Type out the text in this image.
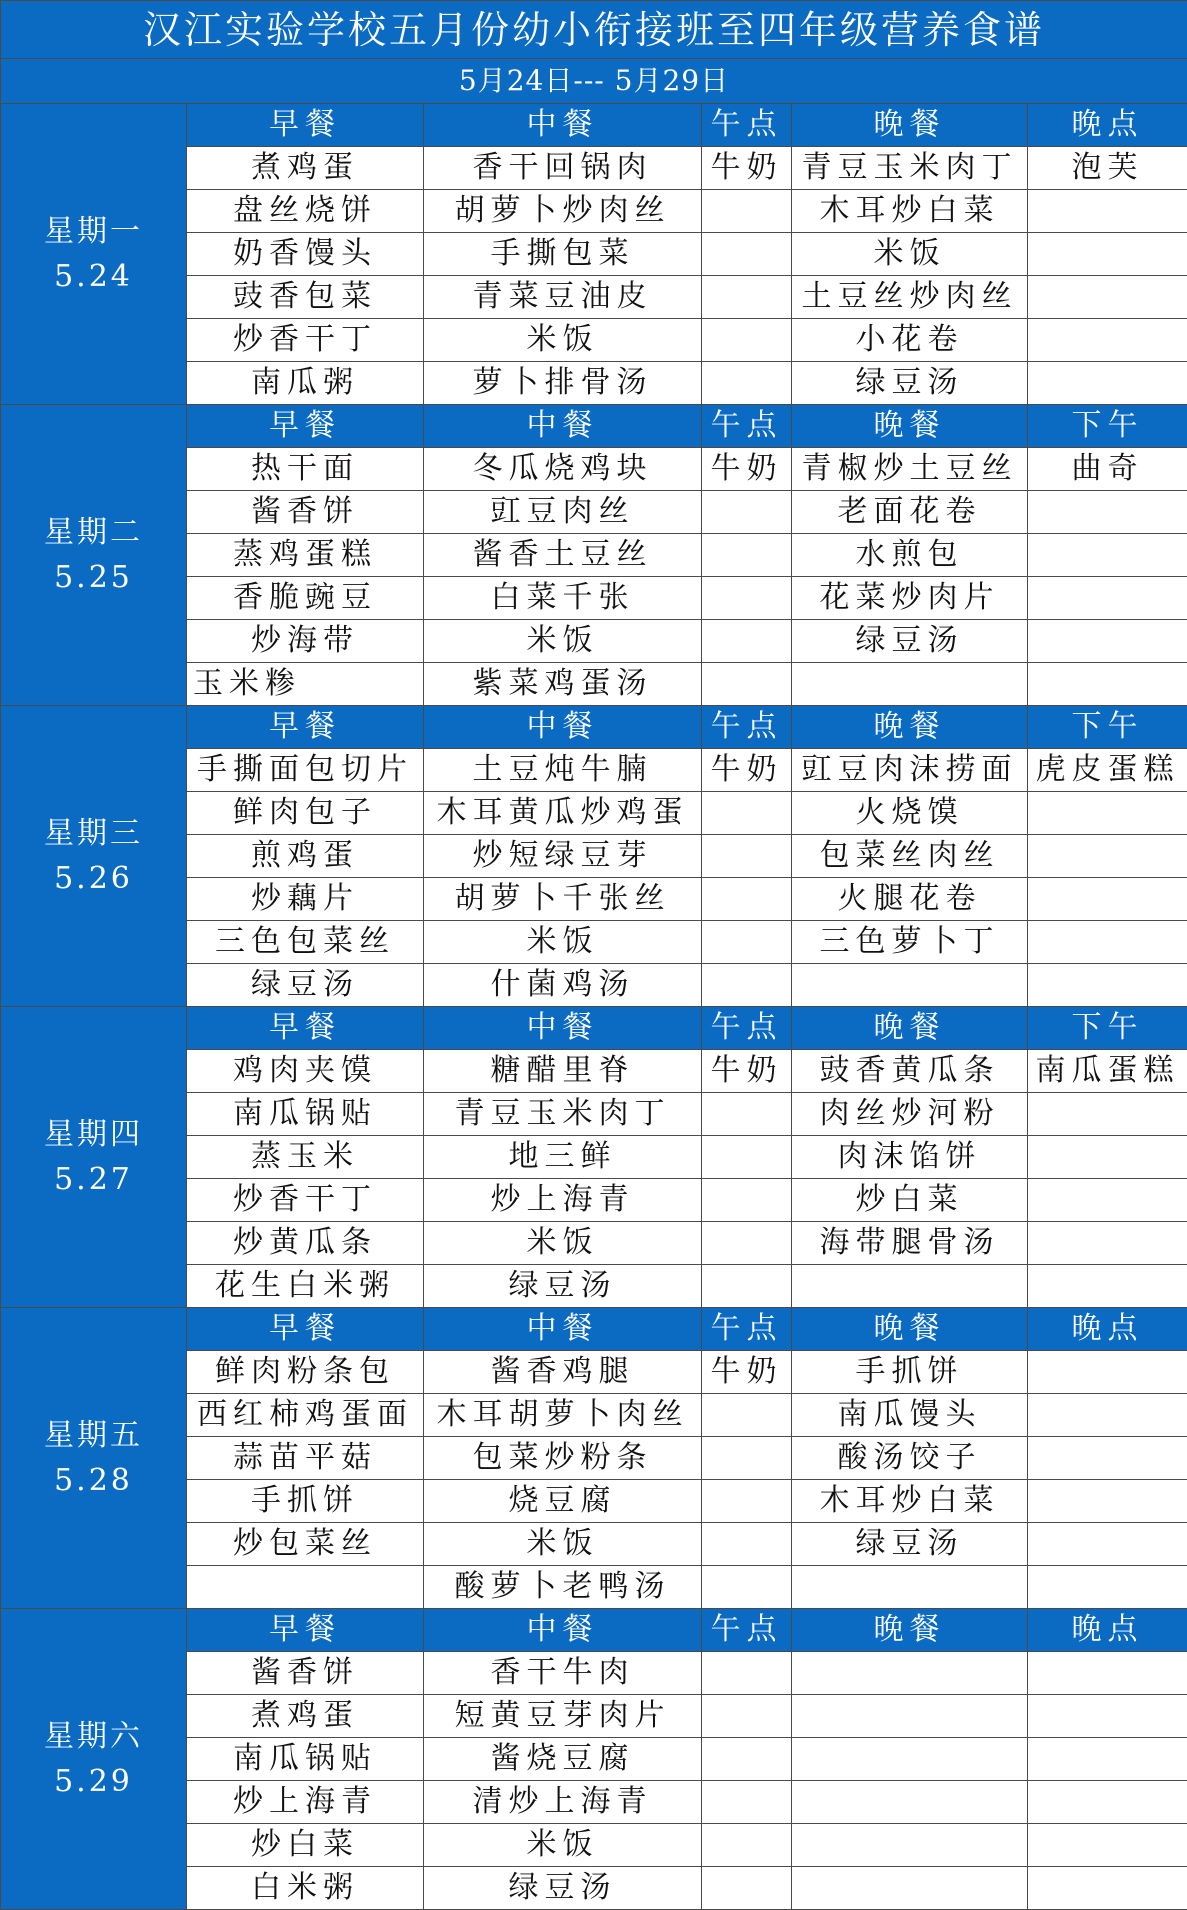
汉江实验学校五月份幼小衔接班至四年级营养食谱					
5月24日--- 5月29日					

星期一
5.24	早餐	中餐	午点	晚餐	晚点
	煮鸡蛋	香干回锅肉	牛奶	青豆玉米肉丁	泡芙
	盘丝烧饼	胡萝卜炒肉丝		木耳炒白菜	
	奶香馒头	手撕包菜		米饭	
	豉香包菜	青菜豆油皮		土豆丝炒肉丝	
	炒香干丁	米饭		小花卷	
	南瓜粥	萝卜排骨汤		绿豆汤	

星期二
5.25	早餐	中餐	午点	晚餐	下午
	热干面	冬瓜烧鸡块	牛奶	青椒炒土豆丝	曲奇
	酱香饼	豇豆肉丝		老面花卷	
	蒸鸡蛋糕	酱香土豆丝		水煎包	
	香脆豌豆	白菜千张		花菜炒肉片	
	炒海带	米饭		绿豆汤	
	玉米糁	紫菜鸡蛋汤			

星期三
5.26	早餐	中餐	午点	晚餐	下午
	手撕面包切片	土豆炖牛腩	牛奶	豇豆肉沫捞面	虎皮蛋糕
	鲜肉包子	木耳黄瓜炒鸡蛋		火烧馍	
	煎鸡蛋	炒短绿豆芽		包菜丝肉丝	
	炒藕片	胡萝卜千张丝		火腿花卷	
	三色包菜丝	米饭		三色萝卜丁	
	绿豆汤	什菌鸡汤			

星期四
5.27	早餐	中餐	午点	晚餐	下午
	鸡肉夹馍	糖醋里脊	牛奶	豉香黄瓜条	南瓜蛋糕
	南瓜锅贴	青豆玉米肉丁		肉丝炒河粉	
	蒸玉米	地三鲜		肉沫馅饼	
	炒香干丁	炒上海青		炒白菜	
	炒黄瓜条	米饭		海带腿骨汤	
	花生白米粥	绿豆汤			

星期五
5.28	早餐	中餐	午点	晚餐	晚点
	鲜肉粉条包	酱香鸡腿	牛奶	手抓饼	
	西红柿鸡蛋面	木耳胡萝卜肉丝		南瓜馒头	
	蒜苗平菇	包菜炒粉条		酸汤饺子	
	手抓饼	烧豆腐		木耳炒白菜	
	炒包菜丝	米饭		绿豆汤	
		酸萝卜老鸭汤			

星期六
5.29	早餐	中餐	午点	晚餐	晚点
	酱香饼	香干牛肉			
	煮鸡蛋	短黄豆芽肉片			
	南瓜锅贴	酱烧豆腐			
	炒上海青	清炒上海青			
	炒白菜	米饭			
	白米粥	绿豆汤			
